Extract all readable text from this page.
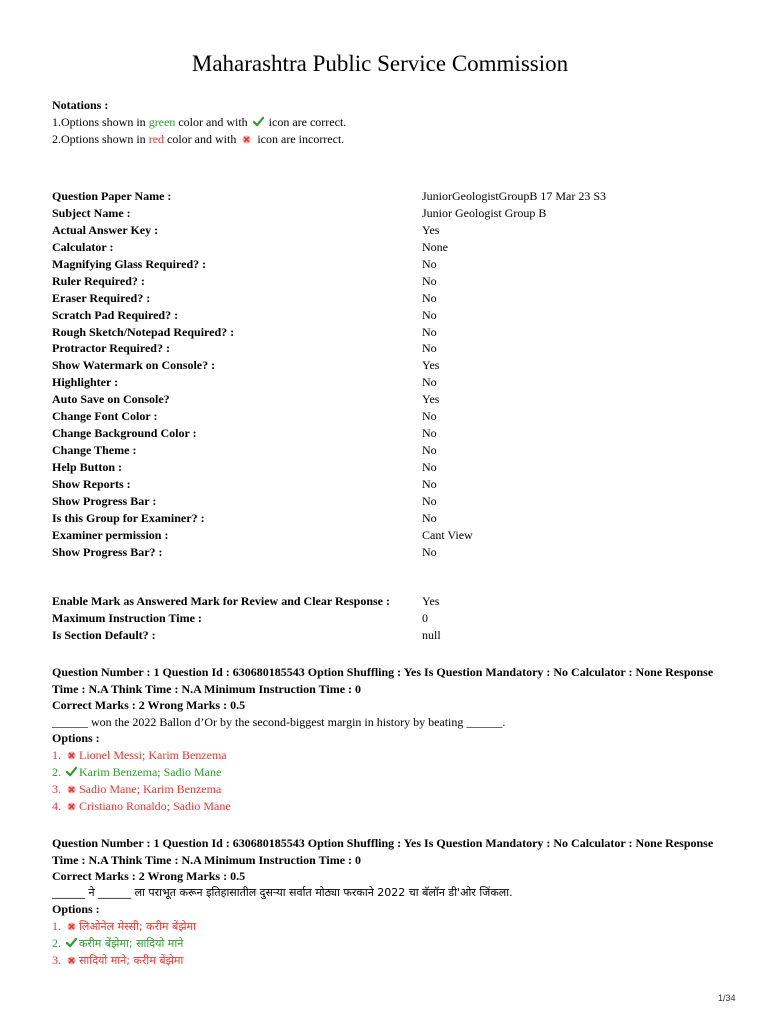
Maharashtra Public Service Commission
Notations :
1.Options shown in green color and with  icon are correct.
2.Options shown in red color and with  icon are incorrect.
Question Paper Name :	JuniorGeologistGroupB 17 Mar 23 S3
Subject Name :	Junior Geologist Group B
Actual Answer Key :	Yes
Calculator :	None
Magnifying Glass Required? :	No
Ruler Required? :	No
Eraser Required? :	No
Scratch Pad Required? :	No
Rough Sketch/Notepad Required? :	No
Protractor Required? :	No
Show Watermark on Console? :	Yes
Highlighter :	No
Auto Save on Console?	Yes
Change Font Color :	No
Change Background Color :	No
Change Theme :	No
Help Button :	No
Show Reports :	No
Show Progress Bar :	No
Is this Group for Examiner? :	No
Examiner permission :	Cant View
Show Progress Bar? :	No
Enable Mark as Answered Mark for Review and Clear Response :	Yes
Maximum Instruction Time :	0
Is Section Default? :	null
Question Number : 1 Question Id : 630680185543 Option Shuffling : Yes Is Question Mandatory : No Calculator : None Response
Time : N.A Think Time : N.A Minimum Instruction Time : 0
Correct Marks : 2 Wrong Marks : 0.5
______ won the 2022 Ballon d’Or by the second-biggest margin in history by beating ______.
Options :
1. Lionel Messi; Karim Benzema
2. Karim Benzema; Sadio Mane
3. Sadio Mane; Karim Benzema
4. Cristiano Ronaldo; Sadio Mane
Question Number : 1 Question Id : 630680185543 Option Shuffling : Yes Is Question Mandatory : No Calculator : None Response
Time : N.A Think Time : N.A Minimum Instruction Time : 0
Correct Marks : 2 Wrong Marks : 0.5
______ ने ______ ला पराभूत करून इतिहासातील दुसऱ्या सर्वात मोठ्या फरकाने 2022 चा बॅलॉन डी'ओर जिंकला.
Options :
1. लिओनेल मेस्सी; करीम बेंझेमा
2. करीम बेंझेमा; सादियो माने
3. सादियो माने; करीम बेंझेमा
1/34
